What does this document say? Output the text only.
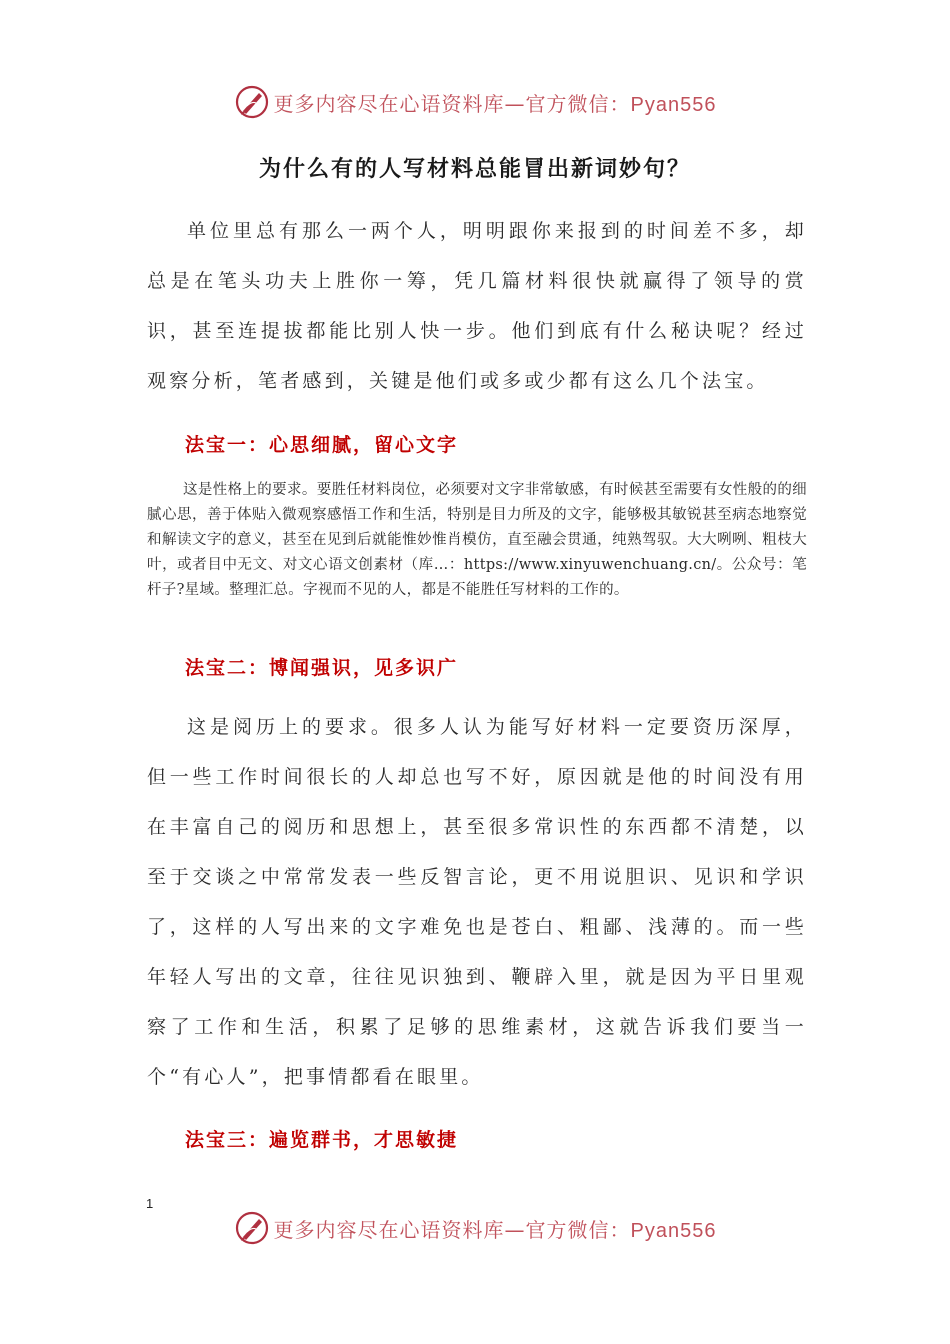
更多内容尽在心语资料库—官方微信：Pyan556
为什么有的人写材料总能冒出新词妙句？

单位里总有那么一两个人，明明跟你来报到的时间差不多，却总是在笔头功夫上胜你一筹，凭几篇材料很快就赢得了领导的赏识，甚至连提拔都能比别人快一步。他们到底有什么秘诀呢？经过观察分析，笔者感到，关键是他们或多或少都有这么几个法宝。

法宝一：心思细腻，留心文字

这是性格上的要求。要胜任材料岗位，必须要对文字非常敏感，有时候甚至需要有女性般的的细腻心思，善于体贴入微观察感悟工作和生活，特别是目力所及的文字，能够极其敏锐甚至病态地察觉和解读文字的意义，甚至在见到后就能惟妙惟肖模仿，直至融会贯通，纯熟驾驭。大大咧咧、粗枝大叶，或者目中无文、对文心语文创素材（库…：https://www.xinyuwenchuang.cn/。公众号：笔杆子?星域。整理汇总。字视而不见的人，都是不能胜任写材料的工作的。

法宝二：博闻强识，见多识广

这是阅历上的要求。很多人认为能写好材料一定要资历深厚，但一些工作时间很长的人却总也写不好，原因就是他的时间没有用在丰富自己的阅历和思想上，甚至很多常识性的东西都不清楚，以至于交谈之中常常发表一些反智言论，更不用说胆识、见识和学识了，这样的人写出来的文字难免也是苍白、粗鄙、浅薄的。而一些年轻人写出的文章，往往见识独到、鞭辟入里，就是因为平日里观察了工作和生活，积累了足够的思维素材，这就告诉我们要当一个“有心人”，把事情都看在眼里。

法宝三：遍览群书，才思敏捷
1
更多内容尽在心语资料库—官方微信：Pyan556
